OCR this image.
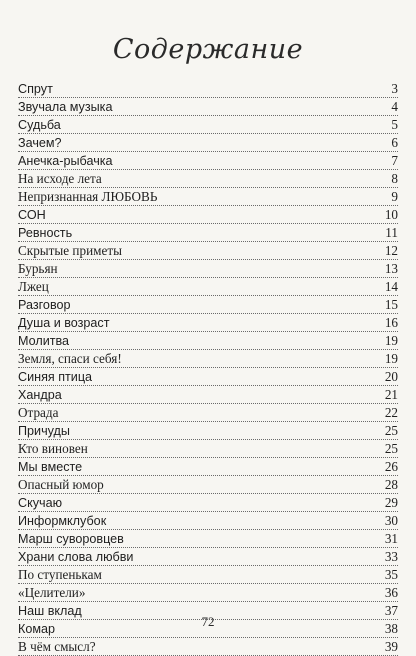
Содержание
Спрут	3
Звучала музыка	4
Судьба	5
Зачем?	6
Анечка-рыбачка	7
На исходе лета	8
Непризнанная ЛЮБОВЬ	9
СОН	10
Ревность	11
Скрытые приметы	12
Бурьян	13
Лжец	14
Разговор	15
Душа и возраст	16
Молитва	19
Земля, спаси себя!	19
Синяя птица	20
Хандра	21
Отрада	22
Причуды	25
Кто виновен	25
Мы вместе	26
Опасный юмор	28
Скучаю	29
Информклубок	30
Марш суворовцев	31
Храни слова любви	33
По ступенькам	35
«Целители»	36
Наш вклад	37
Комар	38
В чём смысл?	39
72
